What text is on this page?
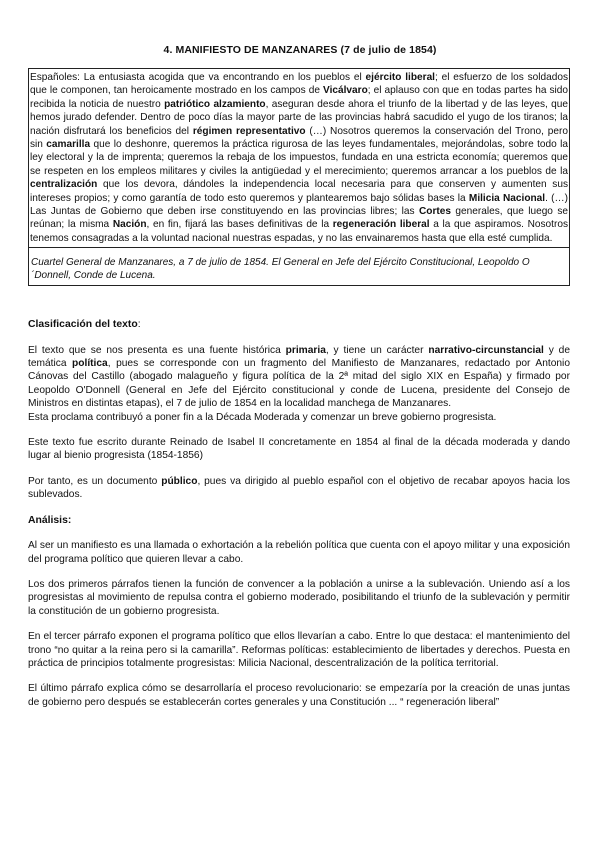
4. MANIFIESTO DE MANZANARES (7 de julio de 1854)
Españoles: La entusiasta acogida que va encontrando en los pueblos el ejército liberal; el esfuerzo de los soldados que le componen, tan heroicamente mostrado en los campos de Vicálvaro; el aplauso con que en todas partes ha sido recibida la noticia de nuestro patriótico alzamiento, aseguran desde ahora el triunfo de la libertad y de las leyes, que hemos jurado defender. Dentro de poco días la mayor parte de las provincias habrá sacudido el yugo de los tiranos; la nación disfrutará los beneficios del régimen representativo (…) Nosotros queremos la conservación del Trono, pero sin camarilla que lo deshonre, queremos la práctica rigurosa de las leyes fundamentales, mejorándolas, sobre todo la ley electoral y la de imprenta; queremos la rebaja de los impuestos, fundada en una estricta economía; queremos que se respeten en los empleos militares y civiles la antigüedad y el merecimiento; queremos arrancar a los pueblos de la centralización que los devora, dándoles la independencia local necesaria para que conserven y aumenten sus intereses propios; y como garantía de todo esto queremos y plantearemos bajo sólidas bases la Milicia Nacional. (…) Las Juntas de Gobierno que deben irse constituyendo en las provincias libres; las Cortes generales, que luego se reúnan; la misma Nación, en fin, fijará las bases definitivas de la regeneración liberal a la que aspiramos. Nosotros tenemos consagradas a la voluntad nacional nuestras espadas, y no las envainaremos hasta que ella esté cumplida.
Cuartel General de Manzanares, a 7 de julio de 1854. El General en Jefe del Ejército Constitucional, Leopoldo O´Donnell, Conde de Lucena.
Clasificación del texto:

El texto que se nos presenta es una fuente histórica primaria, y tiene un carácter narrativo-circunstancial y de temática política, pues se corresponde con un fragmento del Manifiesto de Manzanares, redactado por Antonio Cánovas del Castillo (abogado malagueño y figura política de la 2ª mitad del siglo XIX en España) y firmado por Leopoldo O'Donnell (General en Jefe del Ejército constitucional y conde de Lucena, presidente del Consejo de Ministros en distintas etapas), el 7 de julio de 1854 en la localidad manchega de Manzanares.

Esta proclama contribuyó a poner fin a la Década Moderada y comenzar un breve gobierno progresista.

Este texto fue escrito durante Reinado de Isabel II concretamente en 1854 al final de la década moderada y dando lugar al bienio progresista (1854-1856)

Por tanto, es un documento público, pues va dirigido al pueblo español con el objetivo de recabar apoyos hacia los sublevados.

Análisis:

Al ser un manifiesto es una llamada o exhortación a la rebelión política que cuenta con el apoyo militar y una exposición del programa político que quieren llevar a cabo.

Los dos primeros párrafos tienen la función de convencer a la población a unirse a la sublevación. Uniendo así a los progresistas al movimiento de repulsa contra el gobierno moderado, posibilitando el triunfo de la sublevación y permitir la constitución de un gobierno progresista.

En el tercer párrafo exponen el programa político que ellos llevarían a cabo. Entre lo que destaca: el mantenimiento del trono “no quitar a la reina pero si la camarilla”. Reformas políticas: establecimiento de libertades y derechos. Puesta en práctica de principios totalmente progresistas: Milicia Nacional, descentralización de la política territorial.

El último párrafo explica cómo se desarrollaría el proceso revolucionario: se empezaría por la creación de unas juntas de gobierno pero después se establecerán cortes generales y una Constitución ... “ regeneración liberal”
